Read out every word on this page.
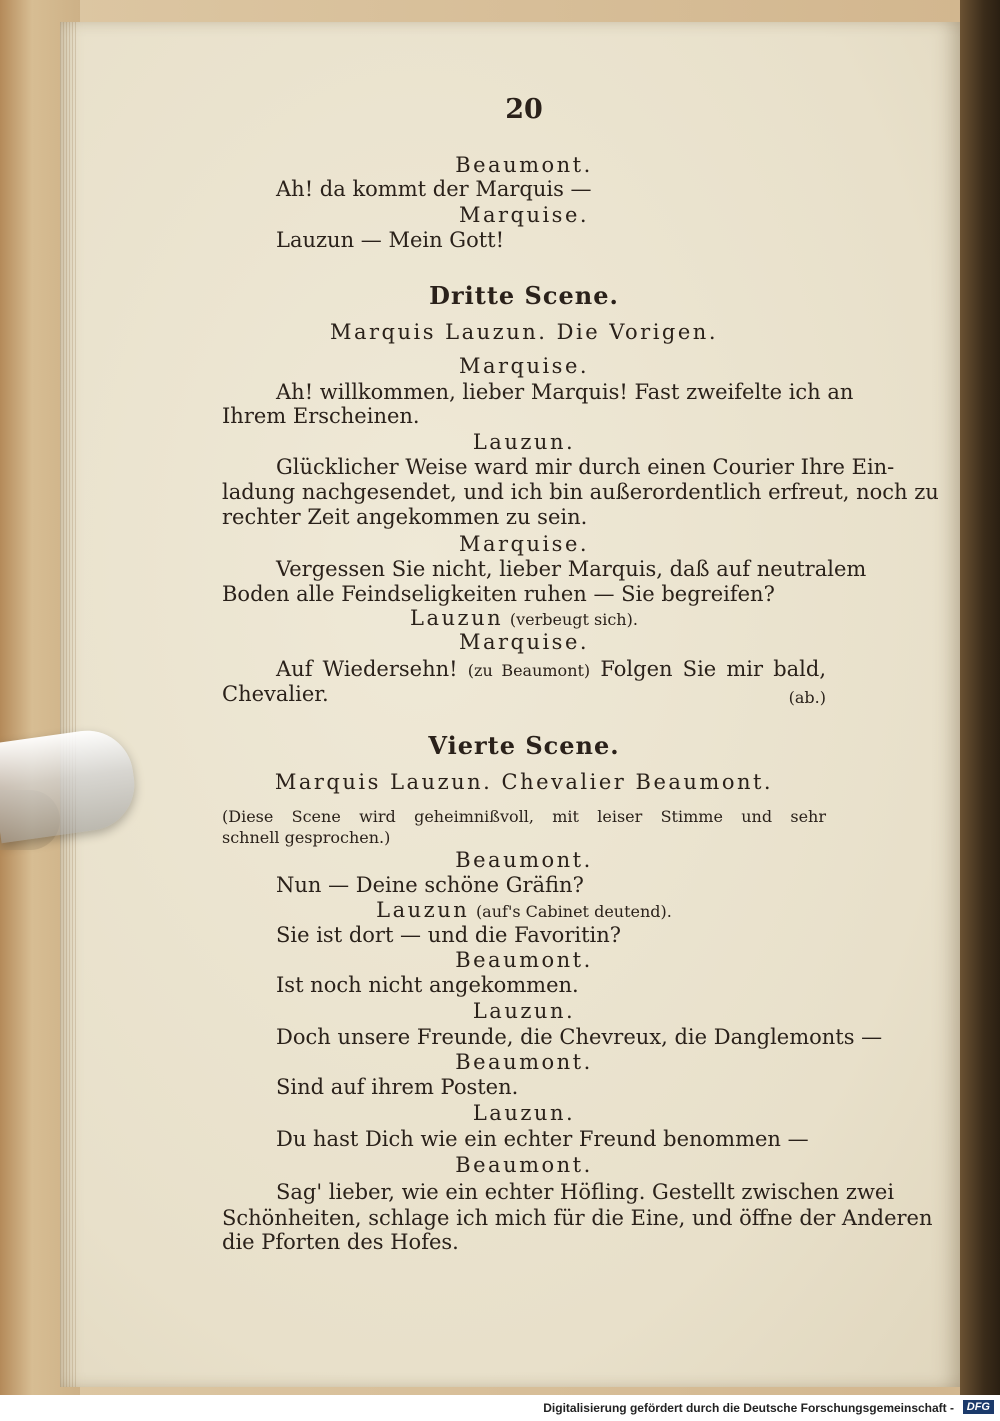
20
Beaumont.
Ah! da kommt der Marquis —
Marquise.
Lauzun — Mein Gott!
Dritte Scene.
Marquis Lauzun. Die Vorigen.
Marquise.
Ah! willkommen, lieber Marquis! Fast zweifelte ich an
Ihrem Erscheinen.
Lauzun.
Glücklicher Weise ward mir durch einen Courier Ihre Ein-
ladung nachgesendet, und ich bin außerordentlich erfreut, noch zu
rechter Zeit angekommen zu sein.
Marquise.
Vergessen Sie nicht, lieber Marquis, daß auf neutralem
Boden alle Feindseligkeiten ruhen — Sie begreifen?
Lauzun (verbeugt sich).
Marquise.
Auf Wiedersehn! (zu Beaumont) Folgen Sie mir bald,
Chevalier.	(ab.)
Vierte Scene.
Marquis Lauzun. Chevalier Beaumont.
(Diese Scene wird geheimnißvoll, mit leiser Stimme und sehr
schnell gesprochen.)
Beaumont.
Nun — Deine schöne Gräfin?
Lauzun (auf's Cabinet deutend).
Sie ist dort — und die Favoritin?
Beaumont.
Ist noch nicht angekommen.
Lauzun.
Doch unsere Freunde, die Chevreux, die Danglemonts —
Beaumont.
Sind auf ihrem Posten.
Lauzun.
Du hast Dich wie ein echter Freund benommen —
Beaumont.
Sag' lieber, wie ein echter Höfling. Gestellt zwischen zwei
Schönheiten, schlage ich mich für die Eine, und öffne der Anderen
die Pforten des Hofes.
Digitalisierung gefördert durch die Deutsche Forschungsgemeinschaft -	DFG
